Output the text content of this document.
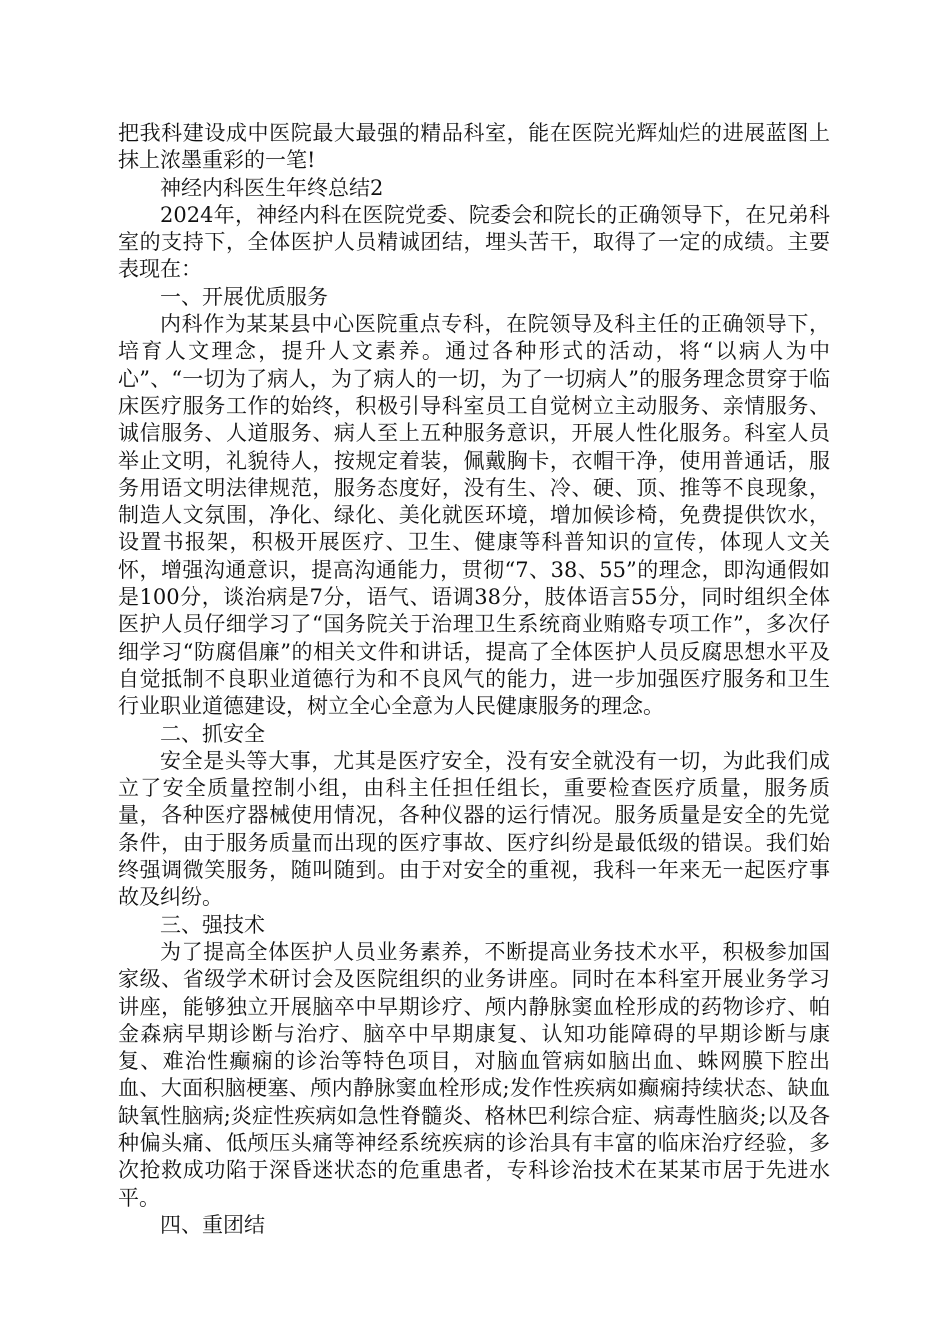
把我科建设成中医院最大最强的精品科室，能在医院光辉灿烂的进展蓝图上抹上浓墨重彩的一笔!

神经内科医生年终总结2

2024年，神经内科在医院党委、院委会和院长的正确领导下，在兄弟科室的支持下，全体医护人员精诚团结，埋头苦干，取得了一定的成绩。主要表现在：

一、开展优质服务

内科作为某某县中心医院重点专科，在院领导及科主任的正确领导下，培育人文理念，提升人文素养。通过各种形式的活动，将“以病人为中心”、“一切为了病人，为了病人的一切，为了一切病人”的服务理念贯穿于临床医疗服务工作的始终，积极引导科室员工自觉树立主动服务、亲情服务、诚信服务、人道服务、病人至上五种服务意识，开展人性化服务。科室人员举止文明，礼貌待人，按规定着装，佩戴胸卡，衣帽干净，使用普通话，服务用语文明法律规范，服务态度好，没有生、冷、硬、顶、推等不良现象，制造人文氛围，净化、绿化、美化就医环境，增加候诊椅，免费提供饮水，设置书报架，积极开展医疗、卫生、健康等科普知识的宣传，体现人文关怀，增强沟通意识，提高沟通能力，贯彻“7、38、55”的理念，即沟通假如是100分，谈治病是7分，语气、语调38分，肢体语言55分，同时组织全体医护人员仔细学习了“国务院关于治理卫生系统商业贿赂专项工作”，多次仔细学习“防腐倡廉”的相关文件和讲话，提高了全体医护人员反腐思想水平及自觉抵制不良职业道德行为和不良风气的能力，进一步加强医疗服务和卫生行业职业道德建设，树立全心全意为人民健康服务的理念。

二、抓安全

安全是头等大事，尤其是医疗安全，没有安全就没有一切，为此我们成立了安全质量控制小组，由科主任担任组长，重要检查医疗质量，服务质量，各种医疗器械使用情况，各种仪器的运行情况。服务质量是安全的先觉条件，由于服务质量而出现的医疗事故、医疗纠纷是最低级的错误。我们始终强调微笑服务，随叫随到。由于对安全的重视，我科一年来无一起医疗事故及纠纷。

三、强技术

为了提高全体医护人员业务素养，不断提高业务技术水平，积极参加国家级、省级学术研讨会及医院组织的业务讲座。同时在本科室开展业务学习讲座，能够独立开展脑卒中早期诊疗、颅内静脉窦血栓形成的药物诊疗、帕金森病早期诊断与治疗、脑卒中早期康复、认知功能障碍的早期诊断与康复、难治性癫痫的诊治等特色项目，对脑血管病如脑出血、蛛网膜下腔出血、大面积脑梗塞、颅内静脉窦血栓形成;发作性疾病如癫痫持续状态、缺血缺氧性脑病;炎症性疾病如急性脊髓炎、格林巴利综合症、病毒性脑炎;以及各种偏头痛、低颅压头痛等神经系统疾病的诊治具有丰富的临床治疗经验，多次抢救成功陷于深昏迷状态的危重患者，专科诊治技术在某某市居于先进水平。

四、重团结
